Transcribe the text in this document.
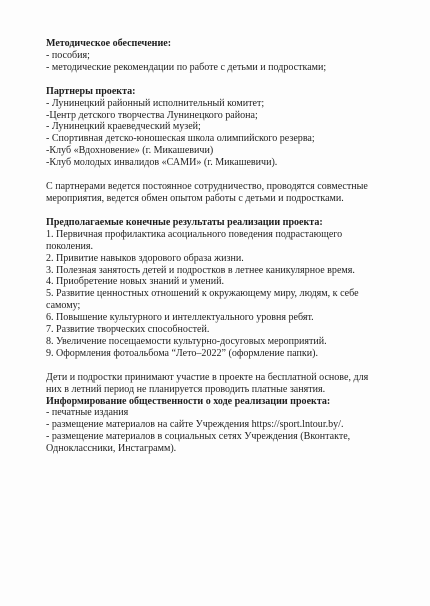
Методическое обеспечение:
- пособия;
- методические рекомендации по работе с детьми и подростками;
Партнеры проекта:
- Лунинецкий районный исполнительный комитет;
-Центр детского творчества Лунинецкого района;
- Лунинецкий краеведческий музей;
- Спортивная детско-юношеская школа олимпийского резерва;
-Клуб «Вдохновение» (г. Микашевичи)
-Клуб молодых инвалидов «САМИ» (г. Микашевичи).
С партнерами ведется постоянное сотрудничество, проводятся совместные
мероприятия, ведется обмен опытом работы с детьми и подростками.
Предполагаемые конечные результаты реализации проекта:
1. Первичная профилактика асоциального поведения подрастающего
поколения.
2. Привитие навыков здорового образа жизни.
3. Полезная занятость детей и подростков в летнее каникулярное время.
4. Приобретение новых знаний и умений.
5. Развитие ценностных отношений к окружающему миру, людям, к себе
самому;
6. Повышение культурного и интеллектуального уровня ребят.
7. Развитие творческих способностей.
8. Увеличение посещаемости культурно-досуговых мероприятий.
9. Оформления фотоальбома “Лето–2022” (оформление папки).
Дети и подростки принимают участие в проекте на бесплатной основе, для
них в летний период не планируется проводить платные занятия.
Информирование общественности о ходе реализации проекта:
- печатные издания
- размещение материалов на сайте Учреждения https://sport.lntour.by/.
- размещение материалов в социальных сетях Учреждения (Вконтакте,
Одноклассники, Инстаграмм).
